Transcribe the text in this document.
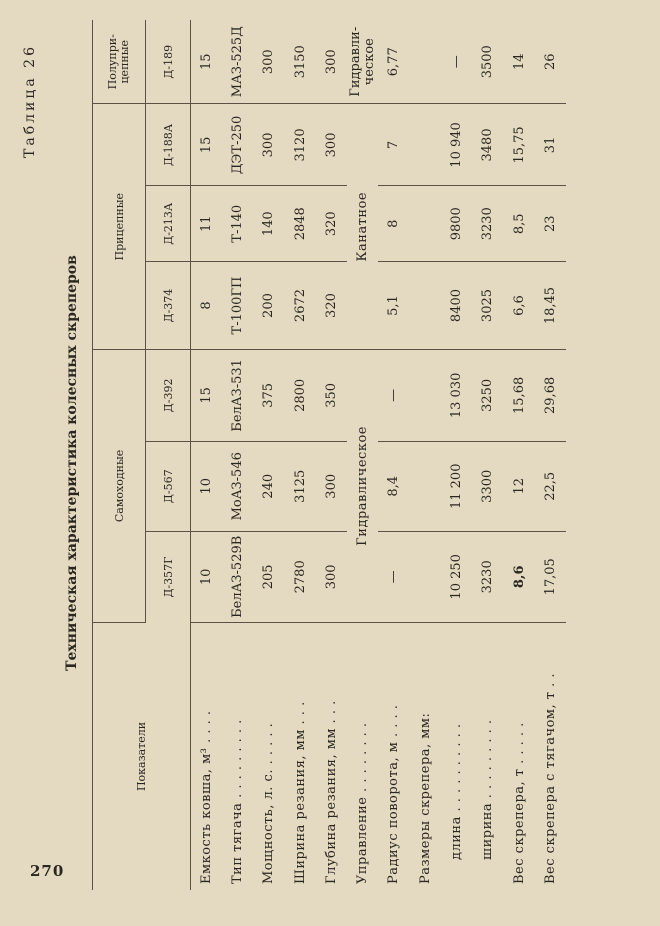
270
Таблица 26
Техническая характеристика колесных скреперов
Показатели	Самоходные			Прицепные			Полупри-
цепные

	Д-357Г	Д-567	Д-392	Д-374	Д-213А	Д-188А	Д-189
Емкость ковша, м³ . . . .	10	10	15	8	11	15	15
Тип тягача . . . . . . . . .	БелАЗ-529В	МоАЗ-546	БелАЗ-531	Т-100ГП	Т-140	ДЭТ-250	МАЗ-525Д
Мощность, л. с. . . . . .	205	240	375	200	140	300	300
Ширина резания, мм . . .	2780	3125	2800	2672	2848	3120	3150
Глубина резания, мм . . .	300	300	350	320	320	300	300
Управление . . . . . . . .	Гидравлическое			Канатное			Гидравли-
ческое

Радиус поворота, м . . . .	—	8,4	—	5,1	8	7	6,77
Размеры скрепера, мм:							
длина . . . . . . . . . .	10 250	11 200	13 030	8400	9800	10 940	—
ширина . . . . . . . . .	3230	3300	3250	3025	3230	3480	3500
Вес скрепера, т . . . . .	8,6	12	15,68	6,6	8,5	15,75	14
Вес скрепера с тягачом, т . .	17,05	22,5	29,68	18,45	23	31	26
